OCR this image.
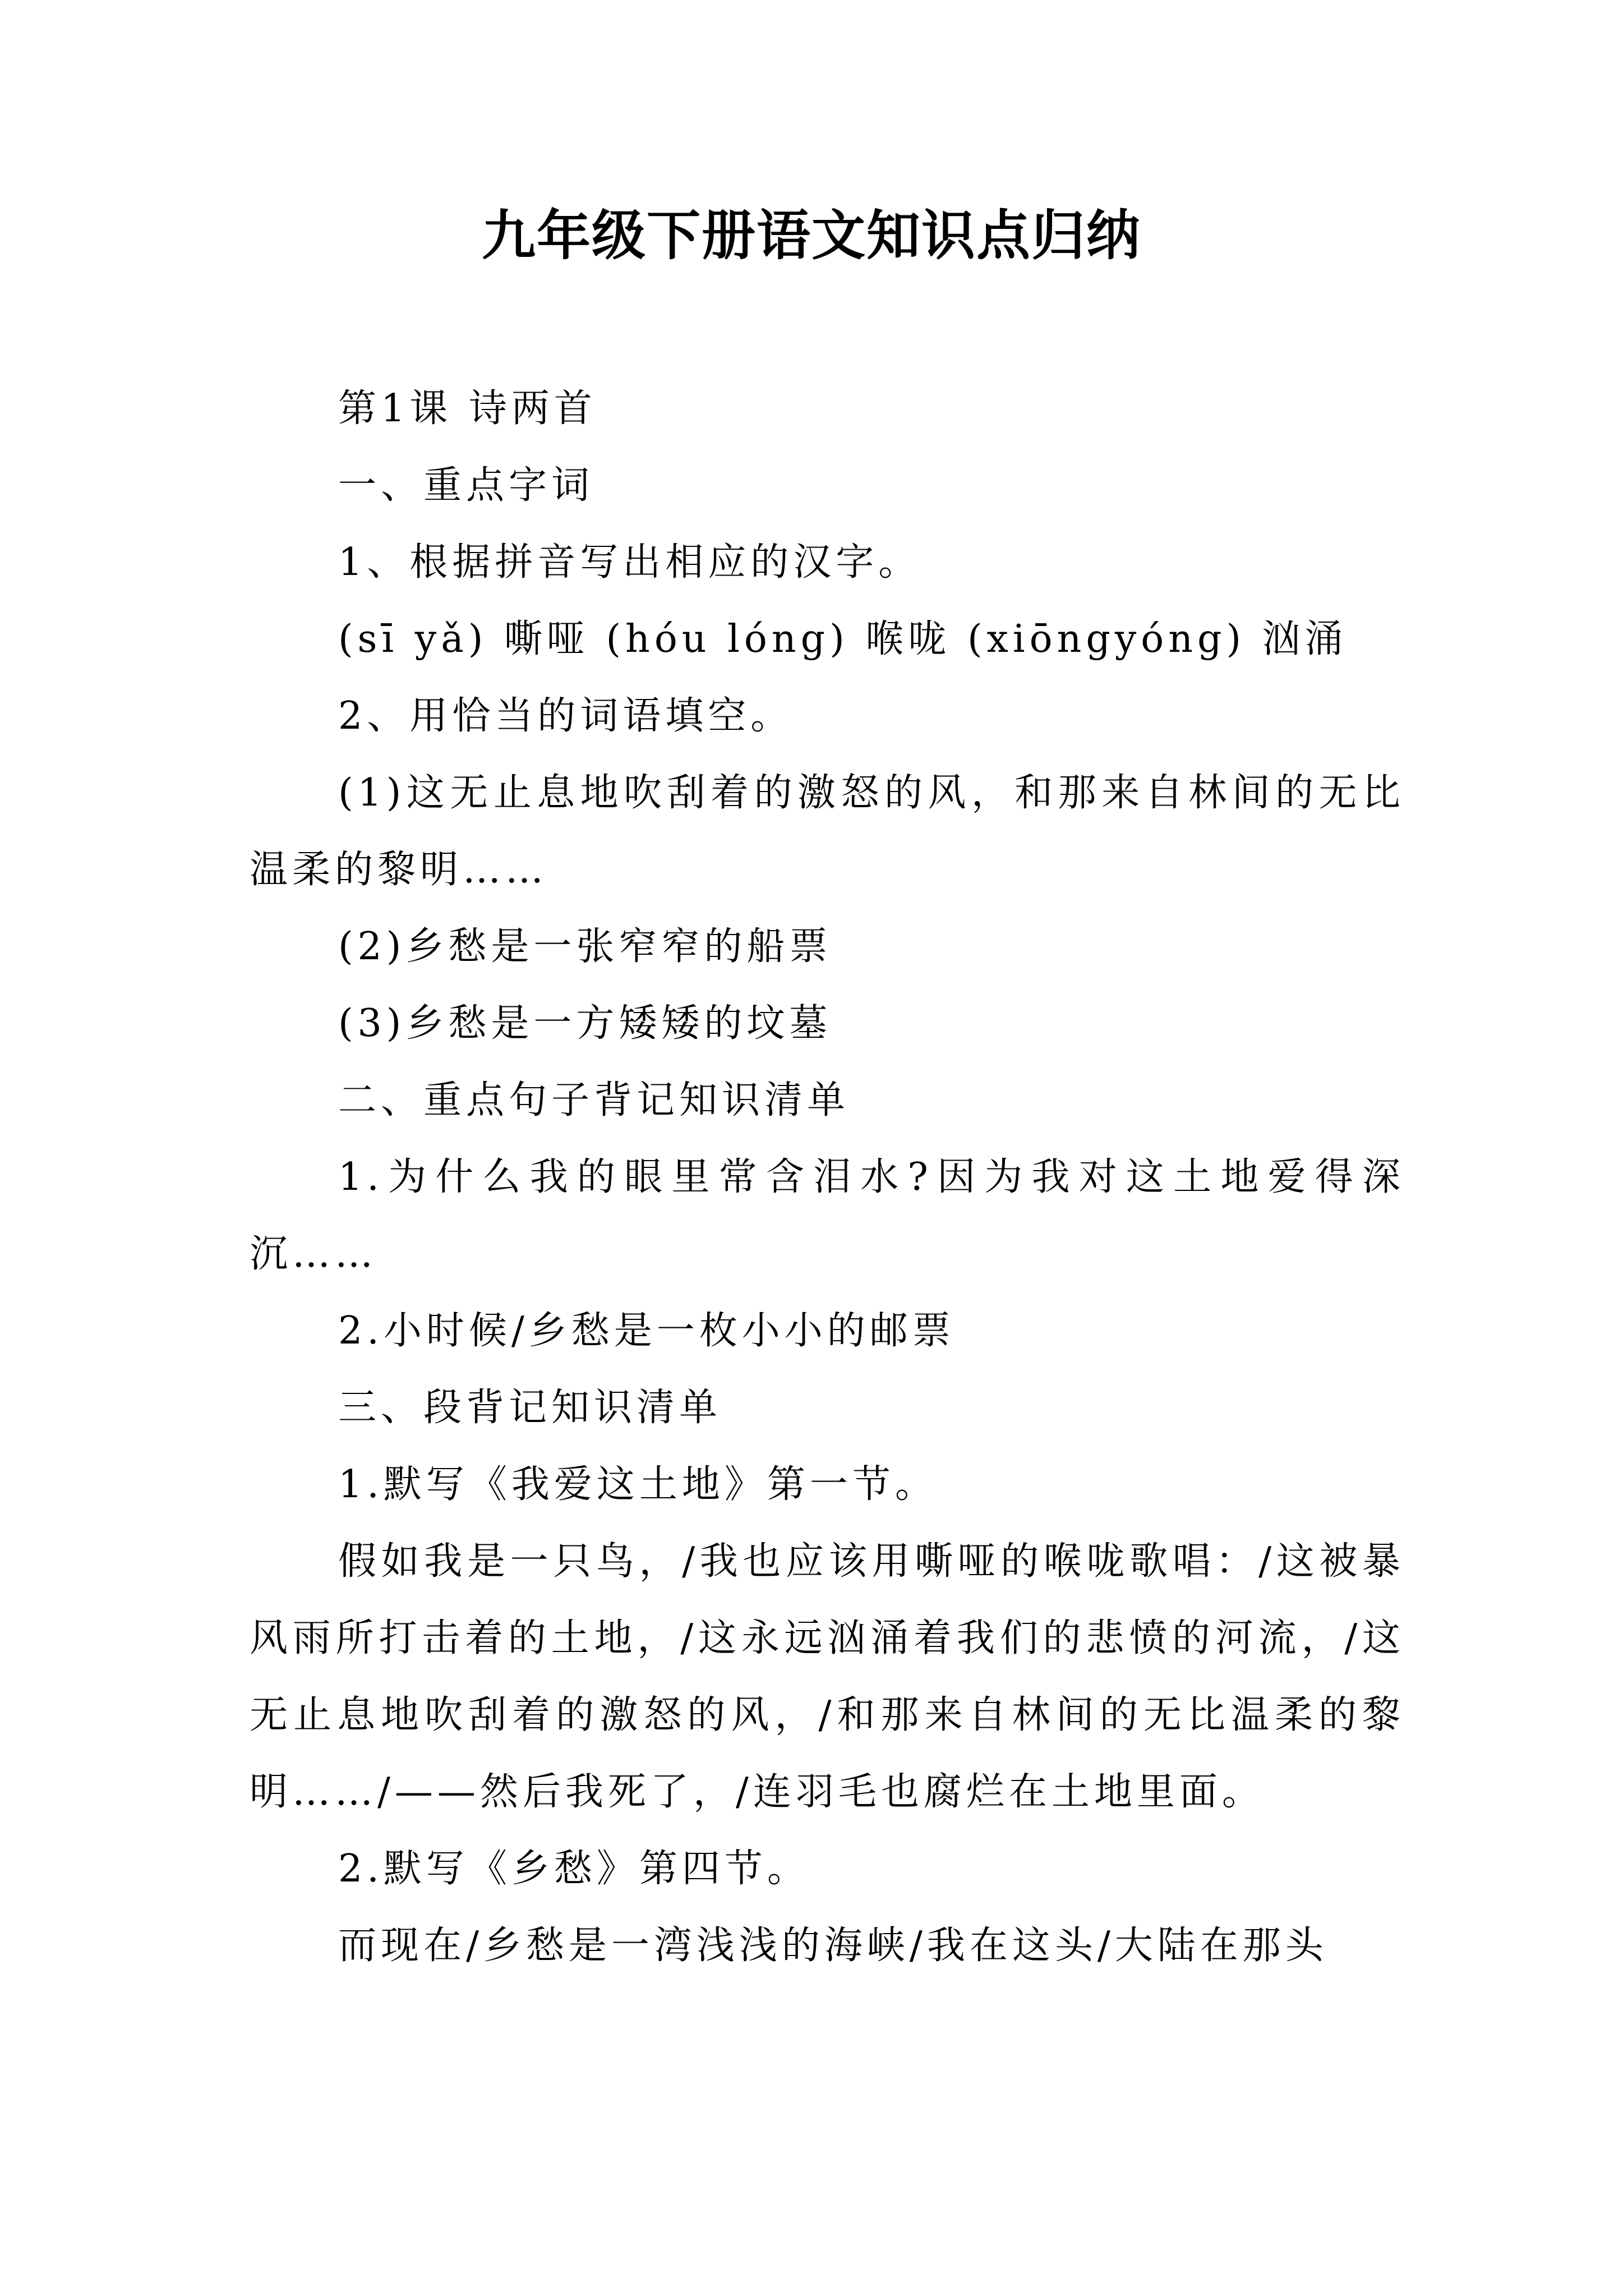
九年级下册语文知识点归纳

第1课 诗两首

一、重点字词

1、根据拼音写出相应的汉字。

(sī yǎ) 嘶哑 (hóu lóng) 喉咙 (xiōngyóng) 汹涌

2、用恰当的词语填空。

(1)这无止息地吹刮着的激怒的风，和那来自林间的无比温柔的黎明……

(2)乡愁是一张窄窄的船票

(3)乡愁是一方矮矮的坟墓

二、重点句子背记知识清单

1.为什么我的眼里常含泪水?因为我对这土地爱得深沉……

2.小时候/乡愁是一枚小小的邮票

三、段背记知识清单

1.默写《我爱这土地》第一节。

假如我是一只鸟，/我也应该用嘶哑的喉咙歌唱：/这被暴风雨所打击着的土地，/这永远汹涌着我们的悲愤的河流，/这无止息地吹刮着的激怒的风，/和那来自林间的无比温柔的黎明……/——然后我死了，/连羽毛也腐烂在土地里面。

2.默写《乡愁》第四节。

而现在/乡愁是一湾浅浅的海峡/我在这头/大陆在那头
